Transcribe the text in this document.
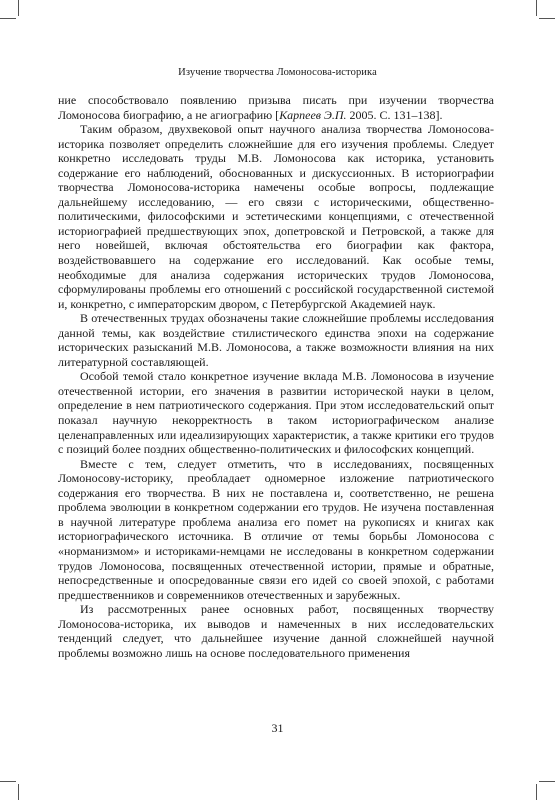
Изучение творчества Ломоносова-историка

ние способствовало появлению призыва писать при изучении творчества Ломоносова биографию, а не агиографию [Карпеев Э.П. 2005. С. 131–138].

Таким образом, двухвековой опыт научного анализа творчества Ломоносова-историка позволяет определить сложнейшие для его изучения проблемы. Следует конкретно исследовать труды М.В. Ломоносова как историка, установить содержание его наблюдений, обоснованных и дискуссионных. В историографии творчества Ломоносова-историка намечены особые вопросы, подлежащие дальнейшему исследованию, — его связи с историческими, общественно-политическими, философскими и эстетическими концепциями, с отечественной историографией предшествующих эпох, допетровской и Петровской, а также для него новейшей, включая обстоятельства его биографии как фактора, воздействовавшего на содержание его исследований. Как особые темы, необходимые для анализа содержания исторических трудов Ломоносова, сформулированы проблемы его отношений с российской государственной системой и, конкретно, с императорским двором, с Петербургской Академией наук.

В отечественных трудах обозначены такие сложнейшие проблемы исследования данной темы, как воздействие стилистического единства эпохи на содержание исторических разысканий М.В. Ломоносова, а также возможности влияния на них литературной составляющей.

Особой темой стало конкретное изучение вклада М.В. Ломоносова в изучение отечественной истории, его значения в развитии исторической науки в целом, определение в нем патриотического содержания. При этом исследовательский опыт показал научную некорректность в таком историографическом анализе целенаправленных или идеализирующих характеристик, а также критики его трудов с позиций более поздних общественно-политических и философских концепций.

Вместе с тем, следует отметить, что в исследованиях, посвященных Ломоносову-историку, преобладает одномерное изложение патриотического содержания его творчества. В них не поставлена и, соответственно, не решена проблема эволюции в конкретном содержании его трудов. Не изучена поставленная в научной литературе проблема анализа его помет на рукописях и книгах как историографического источника. В отличие от темы борьбы Ломоносова с «норманизмом» и историками-немцами не исследованы в конкретном содержании трудов Ломоносова, посвященных отечественной истории, прямые и обратные, непосредственные и опосредованные связи его идей со своей эпохой, с работами предшественников и современников отечественных и зарубежных.

Из рассмотренных ранее основных работ, посвященных творчеству Ломоносова-историка, их выводов и намеченных в них исследовательских тенденций следует, что дальнейшее изучение данной сложнейшей научной проблемы возможно лишь на основе последовательного применения

31
